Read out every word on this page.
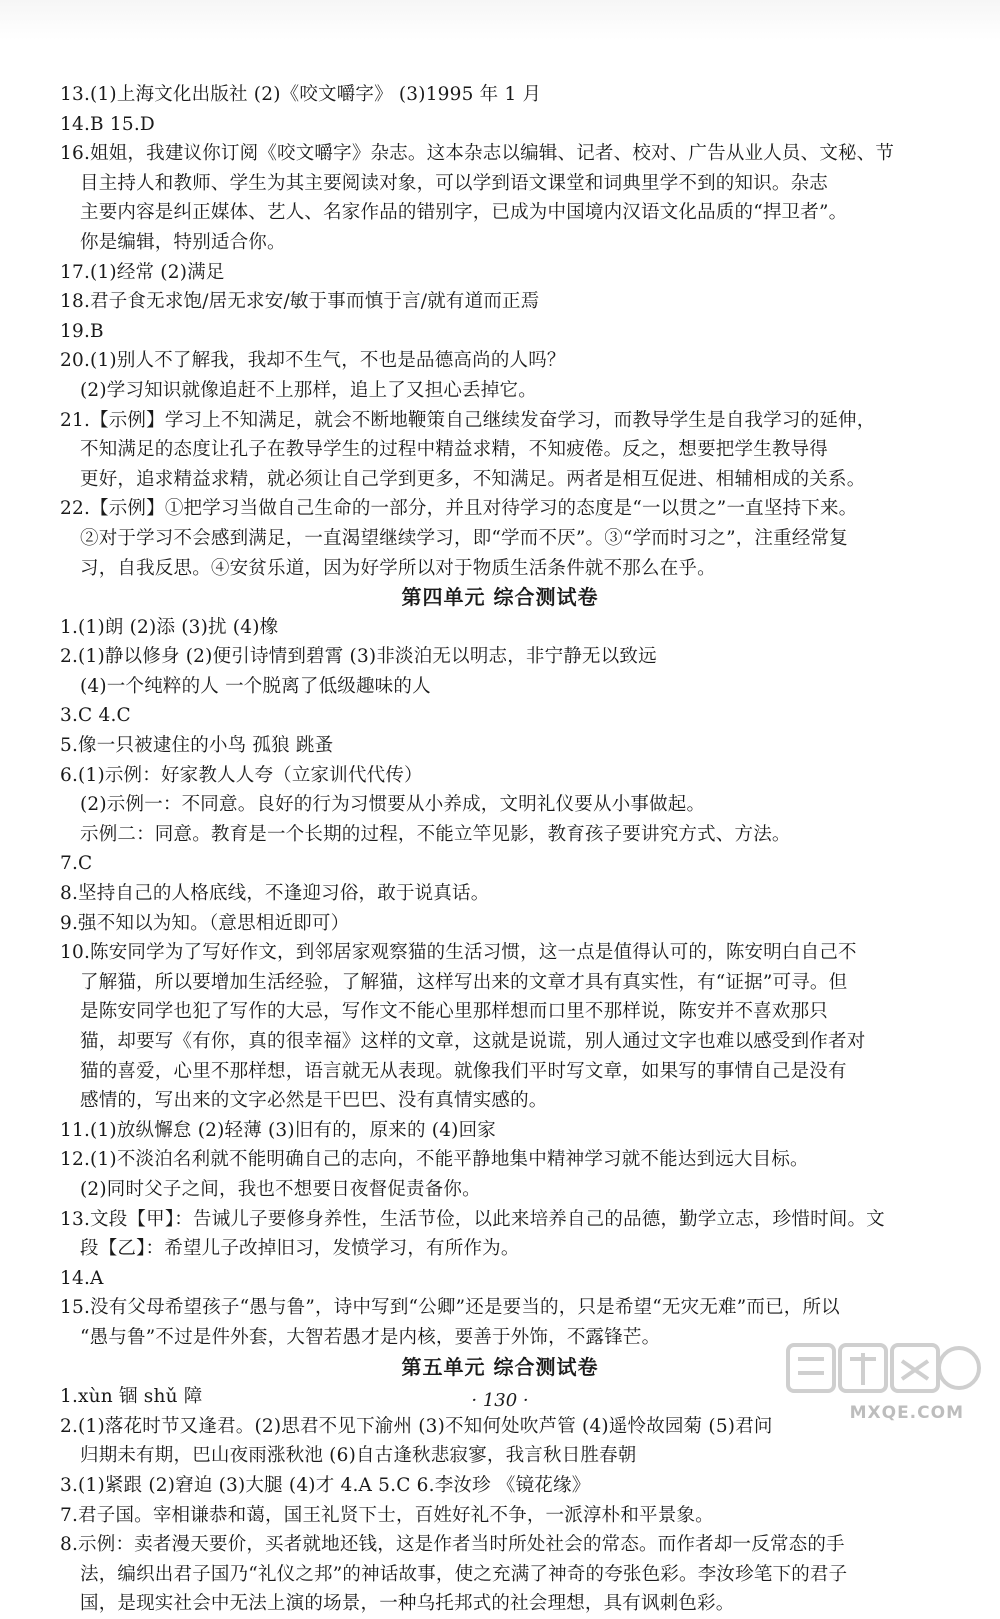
13.(1)上海文化出版社 (2)《咬文嚼字》 (3)1995 年 1 月
14.B 15.D
16.姐姐，我建议你订阅《咬文嚼字》杂志。这本杂志以编辑、记者、校对、广告从业人员、文秘、节
目主持人和教师、学生为其主要阅读对象，可以学到语文课堂和词典里学不到的知识。杂志
主要内容是纠正媒体、艺人、名家作品的错别字，已成为中国境内汉语文化品质的“捍卫者”。
你是编辑，特别适合你。
17.(1)经常 (2)满足
18.君子食无求饱/居无求安/敏于事而慎于言/就有道而正焉
19.B
20.(1)别人不了解我，我却不生气，不也是品德高尚的人吗？
(2)学习知识就像追赶不上那样，追上了又担心丢掉它。
21.【示例】学习上不知满足，就会不断地鞭策自己继续发奋学习，而教导学生是自我学习的延伸，
不知满足的态度让孔子在教导学生的过程中精益求精，不知疲倦。反之，想要把学生教导得
更好，追求精益求精，就必须让自己学到更多，不知满足。两者是相互促进、相辅相成的关系。
22.【示例】①把学习当做自己生命的一部分，并且对待学习的态度是“一以贯之”一直坚持下来。
②对于学习不会感到满足，一直渴望继续学习，即“学而不厌”。③“学而时习之”，注重经常复
习，自我反思。④安贫乐道，因为好学所以对于物质生活条件就不那么在乎。
第四单元 综合测试卷
1.(1)朗 (2)添 (3)扰 (4)橡
2.(1)静以修身 (2)便引诗情到碧霄 (3)非淡泊无以明志，非宁静无以致远
(4)一个纯粹的人 一个脱离了低级趣味的人
3.C 4.C
5.像一只被逮住的小鸟 孤狼 跳蚤
6.(1)示例：好家教人人夸（立家训代代传）
(2)示例一：不同意。良好的行为习惯要从小养成，文明礼仪要从小事做起。
示例二：同意。教育是一个长期的过程，不能立竿见影，教育孩子要讲究方式、方法。
7.C
8.坚持自己的人格底线，不逢迎习俗，敢于说真话。
9.强不知以为知。（意思相近即可）
10.陈安同学为了写好作文，到邻居家观察猫的生活习惯，这一点是值得认可的，陈安明白自己不
了解猫，所以要增加生活经验，了解猫，这样写出来的文章才具有真实性，有“证据”可寻。但
是陈安同学也犯了写作的大忌，写作文不能心里那样想而口里不那样说，陈安并不喜欢那只
猫，却要写《有你，真的很幸福》这样的文章，这就是说谎，别人通过文字也难以感受到作者对
猫的喜爱，心里不那样想，语言就无从表现。就像我们平时写文章，如果写的事情自己是没有
感情的，写出来的文字必然是干巴巴、没有真情实感的。
11.(1)放纵懈怠 (2)轻薄 (3)旧有的，原来的 (4)回家
12.(1)不淡泊名利就不能明确自己的志向，不能平静地集中精神学习就不能达到远大目标。
(2)同时父子之间，我也不想要日夜督促责备你。
13.文段【甲】：告诫儿子要修身养性，生活节俭，以此来培养自己的品德，勤学立志，珍惜时间。文
段【乙】：希望儿子改掉旧习，发愤学习，有所作为。
14.A
15.没有父母希望孩子“愚与鲁”，诗中写到“公卿”还是要当的，只是希望“无灾无难”而已，所以
“愚与鲁”不过是件外套，大智若愚才是内核，要善于外饰，不露锋芒。
第五单元 综合测试卷
1.xùn 锢 shǔ 障
2.(1)落花时节又逢君。(2)思君不见下渝州 (3)不知何处吹芦管 (4)遥怜故园菊 (5)君问
归期未有期，巴山夜雨涨秋池 (6)自古逢秋悲寂寥，我言秋日胜春朝
3.(1)紧跟 (2)窘迫 (3)大腿 (4)才 4.A 5.C 6.李汝珍 《镜花缘》
7.君子国。宰相谦恭和蔼，国王礼贤下士，百姓好礼不争，一派淳朴和平景象。
8.示例：卖者漫天要价，买者就地还钱，这是作者当时所处社会的常态。而作者却一反常态的手
法，编织出君子国乃“礼仪之邦”的神话故事，使之充满了神奇的夸张色彩。李汝珍笔下的君子
国，是现实社会中无法上演的场景，一种乌托邦式的社会理想，具有讽刺色彩。
· 130 ·
MXQE.COM
